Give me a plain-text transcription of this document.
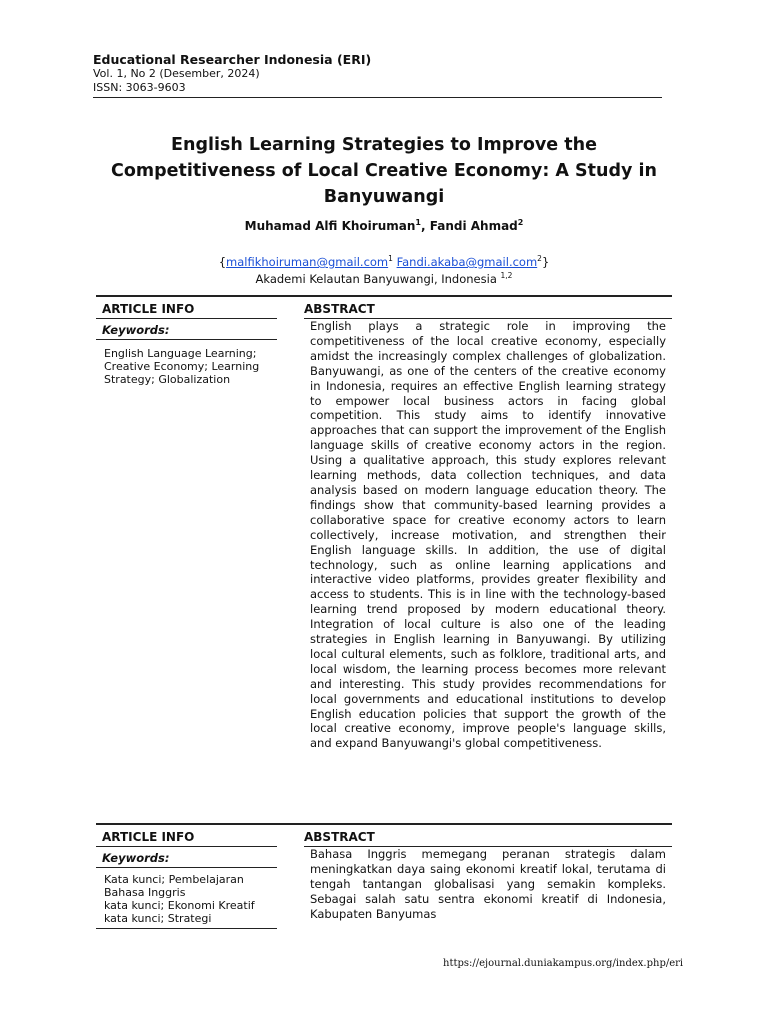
Educational Researcher Indonesia (ERI)
Vol. 1, No 2 (Desember, 2024)
ISSN: 3063-9603
English Learning Strategies to Improve the Competitiveness of Local Creative Economy: A Study in Banyuwangi
Muhamad Alfi Khoiruman$^1$, Fandi Ahmad$^2$
{malfikhoiruman@gmail.com$^1$ Fandi.akaba@gmail.com$^2$}
Akademi Kelautan Banyuwangi, Indonesia $^{1,2}$
ARTICLE INFO
Keywords:
English Language Learning; Creative Economy; Learning Strategy; Globalization
ABSTRACT
English plays a strategic role in improving the competitiveness of the local creative economy, especially amidst the increasingly complex challenges of globalization. Banyuwangi, as one of the centers of the creative economy in Indonesia, requires an effective English learning strategy to empower local business actors in facing global competition. This study aims to identify innovative approaches that can support the improvement of the English language skills of creative economy actors in the region. Using a qualitative approach, this study explores relevant learning methods, data collection techniques, and data analysis based on modern language education theory. The findings show that community-based learning provides a collaborative space for creative economy actors to learn collectively, increase motivation, and strengthen their English language skills. In addition, the use of digital technology, such as online learning applications and interactive video platforms, provides greater flexibility and access to students. This is in line with the technology-based learning trend proposed by modern educational theory. Integration of local culture is also one of the leading strategies in English learning in Banyuwangi. By utilizing local cultural elements, such as folklore, traditional arts, and local wisdom, the learning process becomes more relevant and interesting. This study provides recommendations for local governments and educational institutions to develop English education policies that support the growth of the local creative economy, improve people's language skills, and expand Banyuwangi's global competitiveness.
ARTICLE INFO
Keywords:
Kata kunci; Pembelajaran
Bahasa Inggris
kata kunci; Ekonomi Kreatif
kata kunci; Strategi
ABSTRACT
Bahasa Inggris memegang peranan strategis dalam meningkatkan daya saing ekonomi kreatif lokal, terutama di tengah tantangan globalisasi yang semakin kompleks. Sebagai salah satu sentra ekonomi kreatif di Indonesia, Kabupaten Banyumas
https://ejournal.duniakampus.org/index.php/eri
